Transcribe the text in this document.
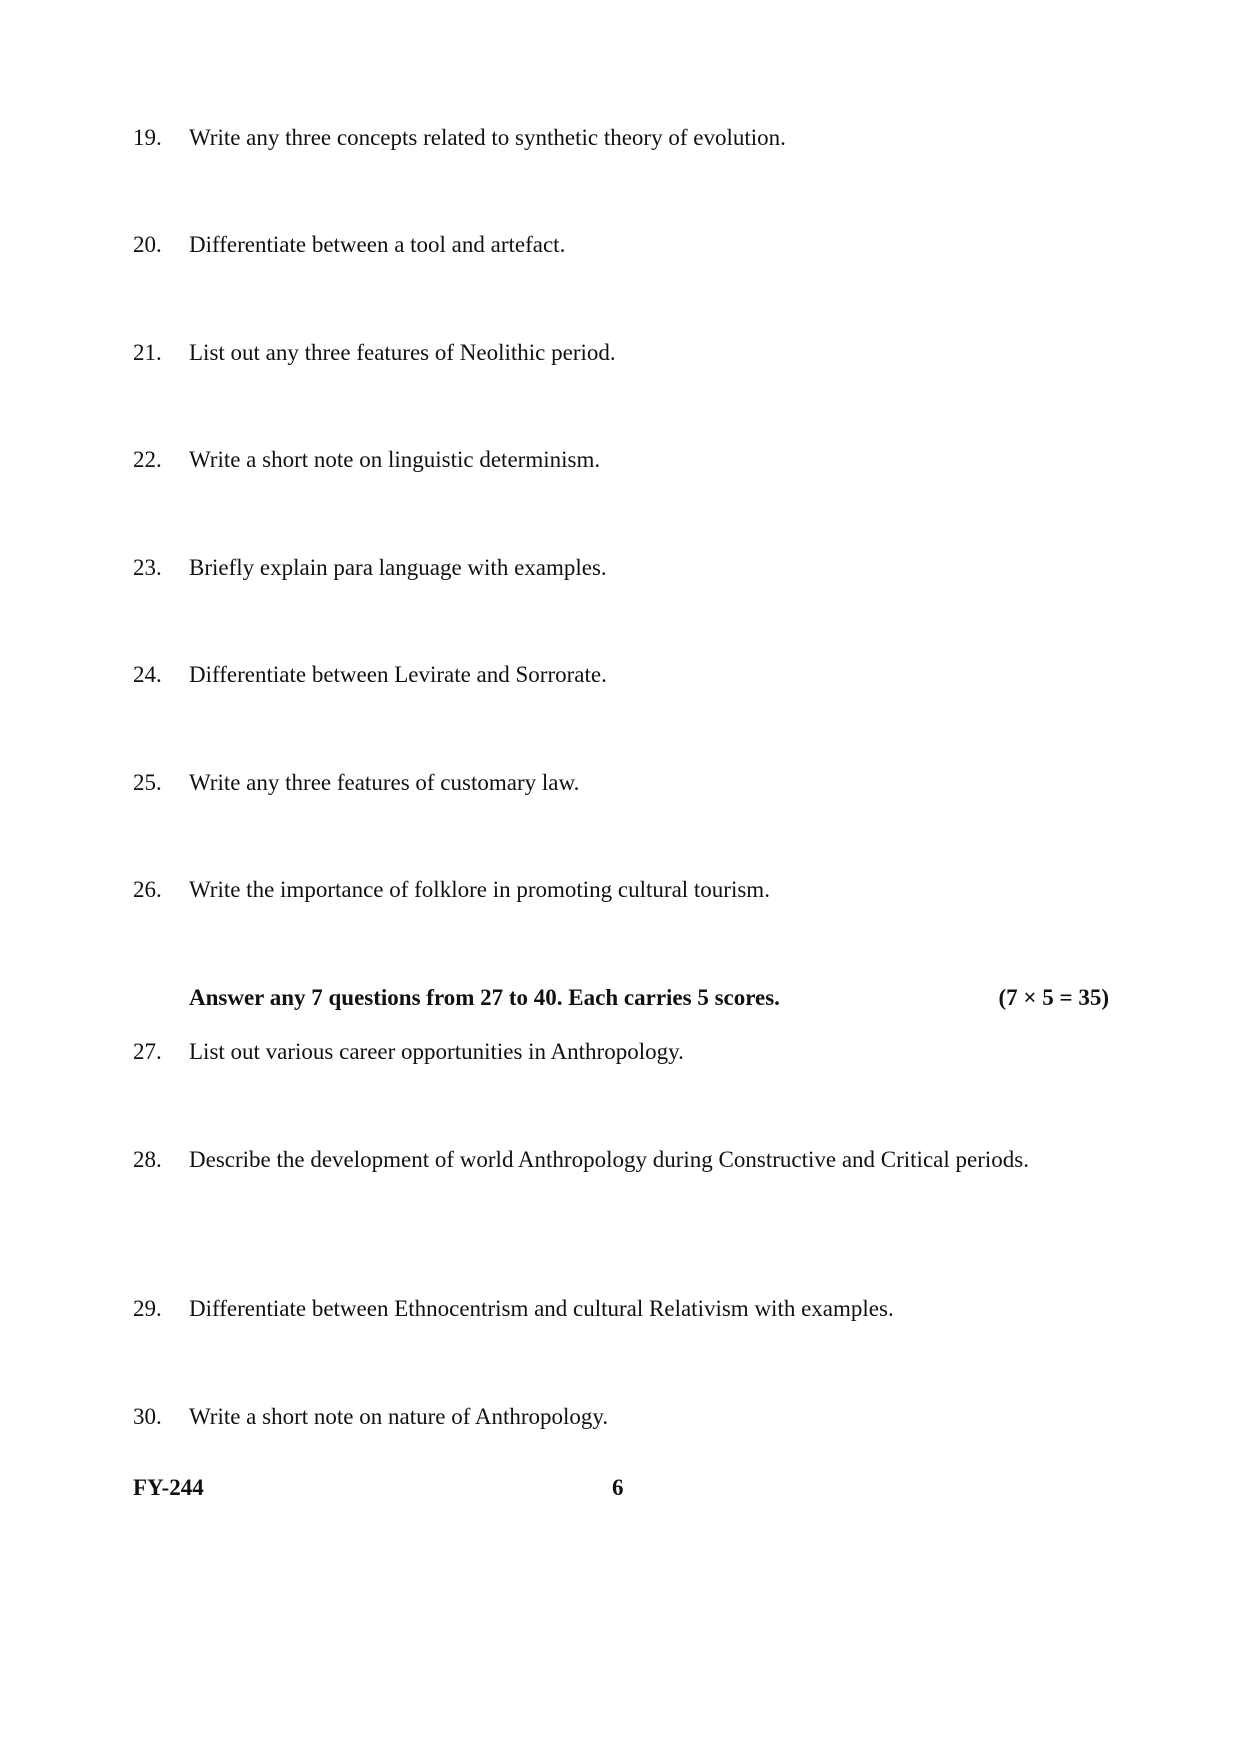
19. Write any three concepts related to synthetic theory of evolution.
20. Differentiate between a tool and artefact.
21. List out any three features of Neolithic period.
22. Write a short note on linguistic determinism.
23. Briefly explain para language with examples.
24. Differentiate between Levirate and Sorrorate.
25. Write any three features of customary law.
26. Write the importance of folklore in promoting cultural tourism.
Answer any 7 questions from 27 to 40. Each carries 5 scores.	(7 × 5 = 35)
27. List out various career opportunities in Anthropology.
28. Describe the development of world Anthropology during Constructive and Critical periods.
29. Differentiate between Ethnocentrism and cultural Relativism with examples.
30. Write a short note on nature of Anthropology.
FY-244	6
